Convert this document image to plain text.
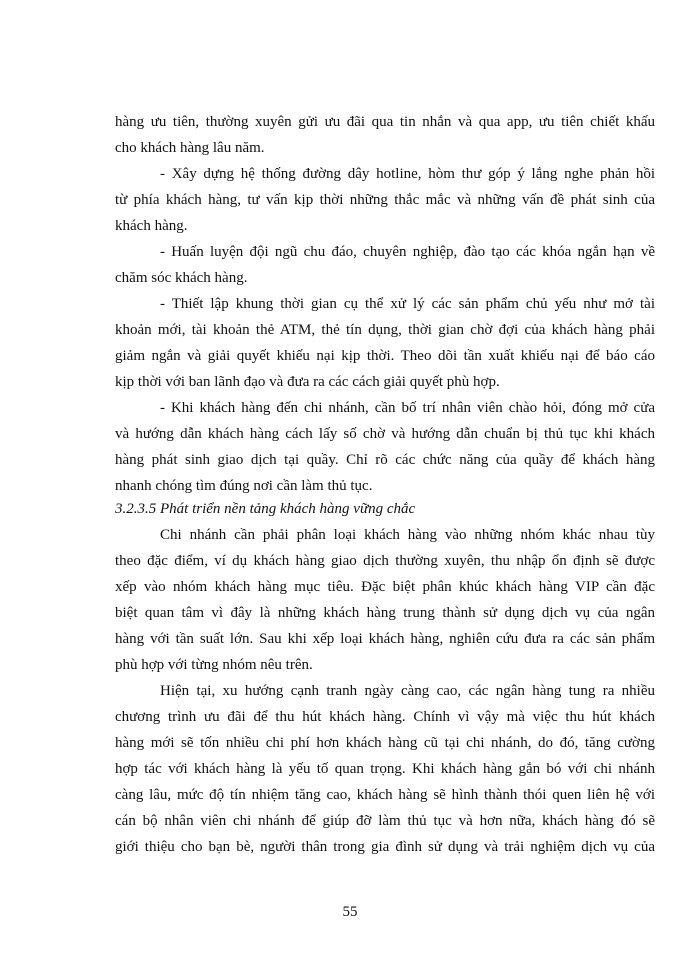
hàng ưu tiên, thường xuyên gửi ưu đãi qua tin nhắn và qua app, ưu tiên chiết khấu
cho khách hàng lâu năm.
- Xây dựng hệ thống đường dây hotline, hòm thư góp ý lắng nghe phản hồi
từ phía khách hàng, tư vấn kịp thời những thắc mắc và những vấn đề phát sinh của
khách hàng.
- Huấn luyện đội ngũ chu đáo, chuyên nghiệp, đào tạo các khóa ngắn hạn về
chăm sóc khách hàng.
- Thiết lập khung thời gian cụ thể xử lý các sản phẩm chủ yếu như mở tài
khoản mới, tài khoản thẻ ATM, thẻ tín dụng, thời gian chờ đợi của khách hàng phải
giảm ngắn và giải quyết khiếu nại kịp thời. Theo dõi tần xuất khiếu nại để báo cáo
kịp thời với ban lãnh đạo và đưa ra các cách giải quyết phù hợp.
- Khi khách hàng đến chi nhánh, cần bố trí nhân viên chào hỏi, đóng mở cửa
và hướng dẫn khách hàng cách lấy số chờ và hướng dẫn chuẩn bị thủ tục khi khách
hàng phát sinh giao dịch tại quầy. Chỉ rõ các chức năng của quầy để khách hàng
nhanh chóng tìm đúng nơi cần làm thủ tục.
3.2.3.5 Phát triển nền tảng khách hàng vững chắc
Chi nhánh cần phải phân loại khách hàng vào những nhóm khác nhau tùy
theo đặc điểm, ví dụ khách hàng giao dịch thường xuyên, thu nhập ổn định sẽ được
xếp vào nhóm khách hàng mục tiêu. Đặc biệt phân khúc khách hàng VIP cần đặc
biệt quan tâm vì đây là những khách hàng trung thành sử dụng dịch vụ của ngân
hàng với tần suất lớn. Sau khi xếp loại khách hàng, nghiên cứu đưa ra các sản phẩm
phù hợp với từng nhóm nêu trên.
Hiện tại, xu hướng cạnh tranh ngày càng cao, các ngân hàng tung ra nhiều
chương trình ưu đãi để thu hút khách hàng. Chính vì vậy mà việc thu hút khách
hàng mới sẽ tốn nhiều chi phí hơn khách hàng cũ tại chi nhánh, do đó, tăng cường
hợp tác với khách hàng là yếu tố quan trọng. Khi khách hàng gắn bó với chi nhánh
càng lâu, mức độ tín nhiệm tăng cao, khách hàng sẽ hình thành thói quen liên hệ với
cán bộ nhân viên chi nhánh để giúp đỡ làm thủ tục và hơn nữa, khách hàng đó sẽ
giới thiệu cho bạn bè, người thân trong gia đình sử dụng và trải nghiệm dịch vụ của
55
